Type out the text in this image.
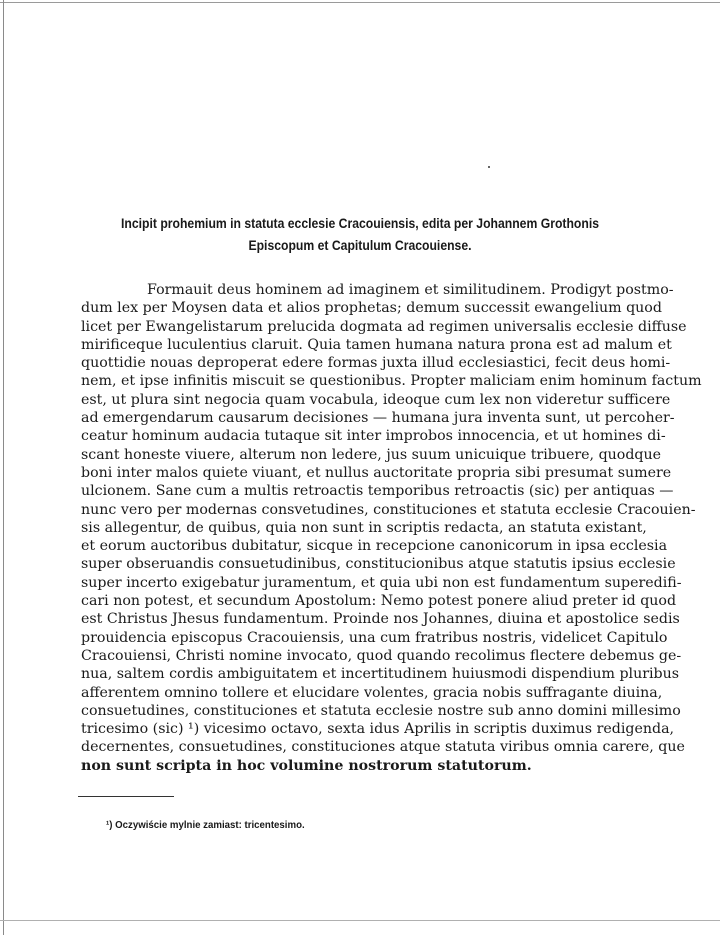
Incipit prohemium in statuta ecclesie Cracouiensis, edita per Johannem Grothonis
Episcopum et Capitulum Cracouiense.
Formauit deus hominem ad imaginem et similitudinem. Prodigyt postmo-
dum lex per Moysen data et alios prophetas; demum successit ewangelium quod
licet per Ewangelistarum prelucida dogmata ad regimen universalis ecclesie diffuse
mirificeque luculentius claruit. Quia tamen humana natura prona est ad malum et
quottidie nouas deproperat edere formas juxta illud ecclesiastici, fecit deus homi-
nem, et ipse infinitis miscuit se questionibus. Propter maliciam enim hominum factum
est, ut plura sint negocia quam vocabula, ideoque cum lex non videretur sufficere
ad emergendarum causarum decisiones — humana jura inventa sunt, ut percoher-
ceatur hominum audacia tutaque sit inter improbos innocencia, et ut homines di-
scant honeste viuere, alterum non ledere, jus suum unicuique tribuere, quodque
boni inter malos quiete viuant, et nullus auctoritate propria sibi presumat sumere
ulcionem. Sane cum a multis retroactis temporibus retroactis (sic) per antiquas —
nunc vero per modernas consvetudines, constituciones et statuta ecclesie Cracouien-
sis allegentur, de quibus, quia non sunt in scriptis redacta, an statuta existant,
et eorum auctoribus dubitatur, sicque in recepcione canonicorum in ipsa ecclesia
super obseruandis consuetudinibus, constitucionibus atque statutis ipsius ecclesie
super incerto exigebatur juramentum, et quia ubi non est fundamentum superedifi-
cari non potest, et secundum Apostolum: Nemo potest ponere aliud preter id quod
est Christus Jhesus fundamentum. Proinde nos Johannes, diuina et apostolice sedis
prouidencia episcopus Cracouiensis, una cum fratribus nostris, videlicet Capitulo
Cracouiensi, Christi nomine invocato, quod quando recolimus flectere debemus ge-
nua, saltem cordis ambiguitatem et incertitudinem huiusmodi dispendium pluribus
afferentem omnino tollere et elucidare volentes, gracia nobis suffragante diuina,
consuetudines, constituciones et statuta ecclesie nostre sub anno domini millesimo
tricesimo (sic) ¹) vicesimo octavo, sexta idus Aprilis in scriptis duximus redigenda,
decernentes, consuetudines, constituciones atque statuta viribus omnia carere, que
non sunt scripta in hoc volumine nostrorum statutorum.
¹) Oczywiście mylnie zamiast: tricentesimo.
